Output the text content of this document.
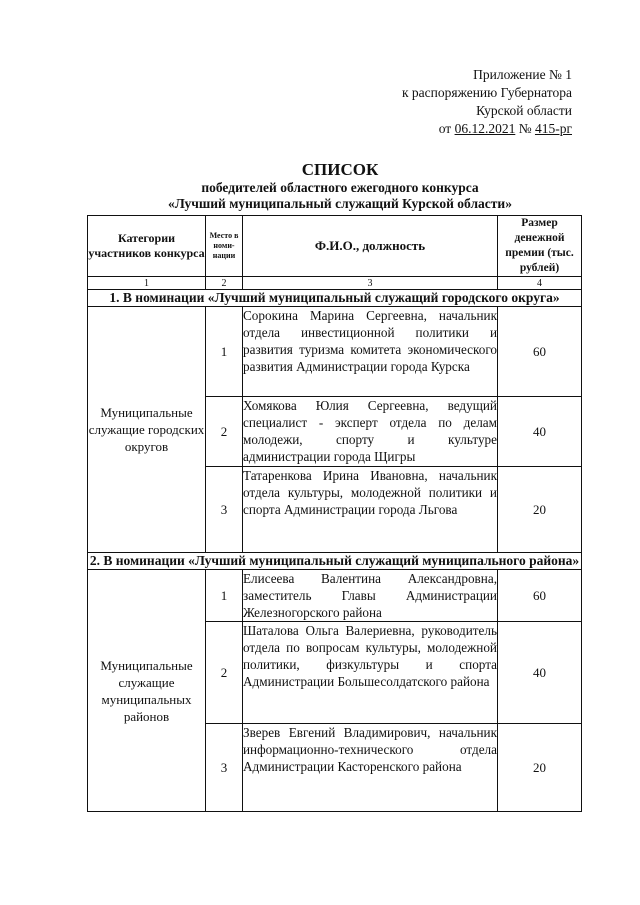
Приложение № 1
к распоряжению Губернатора
Курской области
от 06.12.2021 № 415-рг
СПИСОК
победителей областного ежегодного конкурса
«Лучший муниципальный служащий Курской области»
Категории участников конкурса	Место в номи-нации	Ф.И.О., должность	Размер денежной премии (тыс. рублей)
1	2	3	4
1. В номинации «Лучший муниципальный служащий городского округа»			
Муниципальные служащие городских округов	1	Сорокина Марина Сергеевна, начальник отдела инвестиционной политики и развития туризма комитета экономического развития Администрации города Курска	60
	2	Хомякова Юлия Сергеевна, ведущий специалист - эксперт отдела по делам молодежи, спорту и культуре администрации города Щигры	40
	3	Татаренкова Ирина Ивановна, начальник отдела культуры, молодежной политики и спорта Администрации города Льгова	20
2. В номинации «Лучший муниципальный служащий муниципального района»			
Муниципальные служащие муниципальных районов	1	Елисеева Валентина Александровна, заместитель Главы Администрации Железногорского района	60
	2	Шаталова Ольга Валериевна, руководитель отдела по вопросам культуры, молодежной политики, физкультуры и спорта Администрации Большесолдатского района	40
	3	Зверев Евгений Владимирович, начальник информационно-технического отдела Администрации Касторенского района	20
